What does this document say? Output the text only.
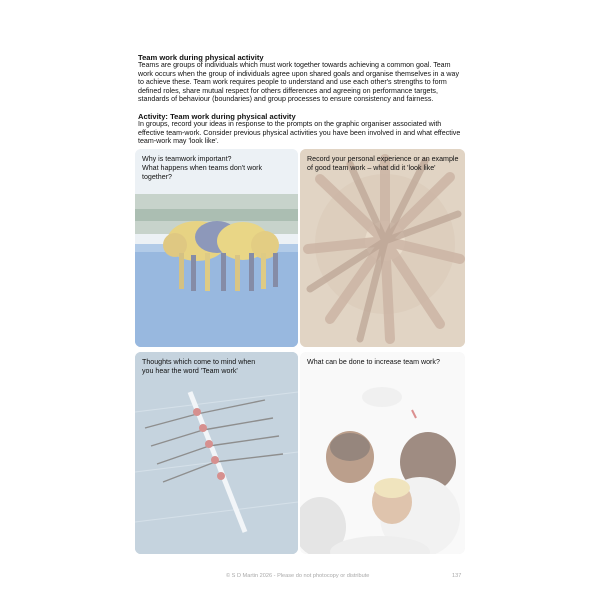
Team work during physical activity
Teams are groups of individuals which must work together towards achieving a common goal. Team
work occurs when the group of individuals agree upon shared goals and organise themselves in a way
to achieve these. Team work requires people to understand and use each other's strengths to form
defined roles, share mutual respect for others differences and agreeing on performance targets,
standards of behaviour (boundaries) and group processes to ensure consistency and fairness.
Activity: Team work during physical activity
In groups, record your ideas in response to the prompts on the graphic organiser associated with
effective team-work. Consider previous physical activities you have been involved in and what effective
team-work may 'look like'.
Why is teamwork important?
What happens when teams don't work together?
Record your personal experience or an example
of good team work – what did it 'look like'
Thoughts which come to mind when
you hear the word 'Team work'
What can be done to increase team work?
© S D Martin 2026 - Please do not photocopy or distribute	137
